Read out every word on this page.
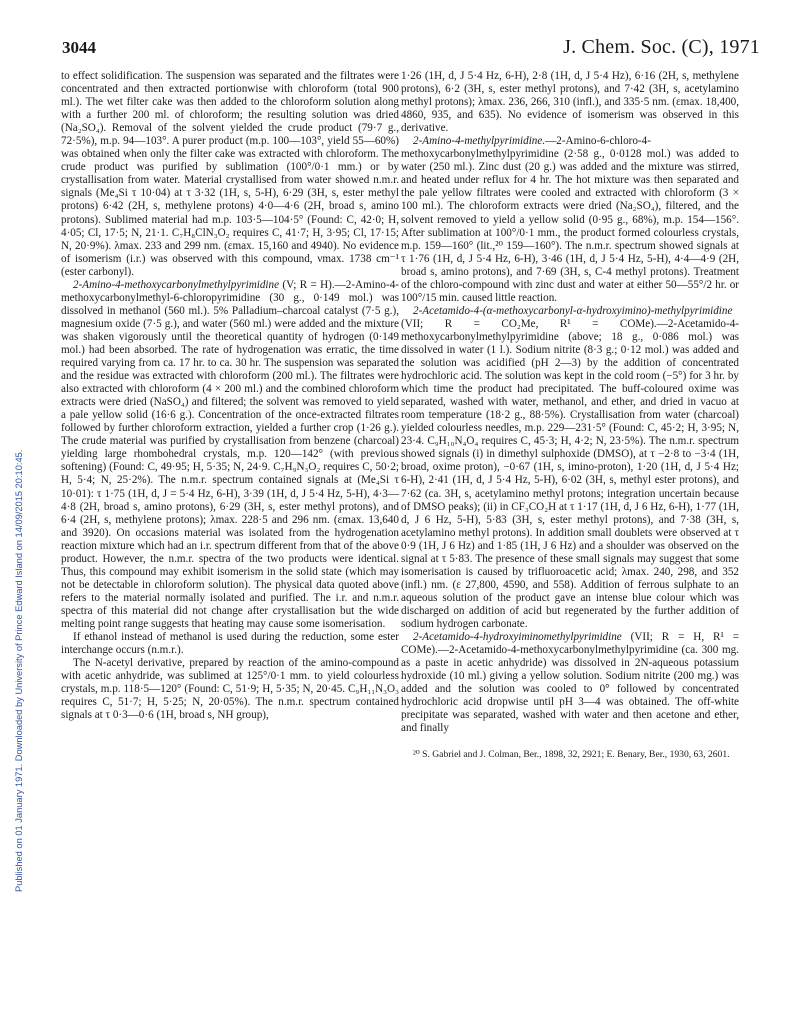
3044	J. Chem. Soc. (C), 1971
Published on 01 January 1971. Downloaded by University of Prince Edward Island on 14/09/2015 20:10:45.

to effect solidification. The suspension was separated and the filtrates were concentrated and then extracted portionwise with chloroform (total 900 ml.). The wet filter cake was then added to the chloroform solution along with a further 200 ml. of chloroform; the resulting solution was dried (Na₂SO₄). Removal of the solvent yielded the crude product (79·7 g., 72·5%), m.p. 94—103°. A purer product (m.p. 100—103°, yield 55—60%) was obtained when only the filter cake was extracted with chloroform. The crude product was purified by sublimation (100°/0·1 mm.) or by crystallisation from water. Material crystallised from water showed n.m.r. signals (Me₄Si τ 10·04) at τ 3·32 (1H, s, 5-H), 6·29 (3H, s, ester methyl protons) 6·42 (2H, s, methylene protons) 4·0—4·6 (2H, broad s, amino protons). Sublimed material had m.p. 103·5—104·5° (Found: C, 42·0; H, 4·05; Cl, 17·5; N, 21·1. C₇H₈ClN₃O₂ requires C, 41·7; H, 3·95; Cl, 17·15; N, 20·9%). λmax. 233 and 299 nm. (εmax. 15,160 and 4940). No evidence of isomerism (i.r.) was observed with this compound, νmax. 1738 cm⁻¹ (ester carbonyl).

2-Amino-4-methoxycarbonylmethylpyrimidine (V; R = H).—2-Amino-4-methoxycarbonylmethyl-6-chloropyrimidine (30 g., 0·149 mol.) was dissolved in methanol (560 ml.). 5% Palladium–charcoal catalyst (7·5 g.), magnesium oxide (7·5 g.), and water (560 ml.) were added and the mixture was shaken vigorously until the theoretical quantity of hydrogen (0·149 mol.) had been absorbed. The rate of hydrogenation was erratic, the time required varying from ca. 17 hr. to ca. 30 hr. The suspension was separated and the residue was extracted with chloroform (200 ml.). The filtrates were also extracted with chloroform (4 × 200 ml.) and the combined chloroform extracts were dried (NaSO₄) and filtered; the solvent was removed to yield a pale yellow solid (16·6 g.). Concentration of the once-extracted filtrates followed by further chloroform extraction, yielded a further crop (1·26 g.). The crude material was purified by crystallisation from benzene (charcoal) yielding large rhombohedral crystals, m.p. 120—142° (with previous softening) (Found: C, 49·95; H, 5·35; N, 24·9. C₇H₉N₃O₂ requires C, 50·2; H, 5·4; N, 25·2%). The n.m.r. spectrum contained signals at (Me₄Si τ 10·01): τ 1·75 (1H, d, J = 5·4 Hz, 6-H), 3·39 (1H, d, J 5·4 Hz, 5-H), 4·3—4·8 (2H, broad s, amino protons), 6·29 (3H, s, ester methyl protons), and 6·4 (2H, s, methylene protons); λmax. 228·5 and 296 nm. (εmax. 13,640 and 3920). On occasions material was isolated from the hydrogenation reaction mixture which had an i.r. spectrum different from that of the above product. However, the n.m.r. spectra of the two products were identical. Thus, this compound may exhibit isomerism in the solid state (which may not be detectable in chloroform solution). The physical data quoted above refers to the material normally isolated and purified. The i.r. and n.m.r. spectra of this material did not change after crystallisation but the wide melting point range suggests that heating may cause some isomerisation.

If ethanol instead of methanol is used during the reduction, some ester interchange occurs (n.m.r.).

The N-acetyl derivative, prepared by reaction of the amino-compound with acetic anhydride, was sublimed at 125°/0·1 mm. to yield colourless crystals, m.p. 118·5—120° (Found: C, 51·9; H, 5·35; N, 20·45. C₉H₁₁N₃O₃ requires C, 51·7; H, 5·25; N, 20·05%). The n.m.r. spectrum contained signals at τ 0·3—0·6 (1H, broad s, NH group),

1·26 (1H, d, J 5·4 Hz, 6-H), 2·8 (1H, d, J 5·4 Hz), 6·16 (2H, s, methylene protons), 6·2 (3H, s, ester methyl protons), and 7·42 (3H, s, acetylamino methyl protons); λmax. 236, 266, 310 (infl.), and 335·5 nm. (εmax. 18,400, 4860, 935, and 635). No evidence of isomerism was observed in this derivative.

2-Amino-4-methylpyrimidine.—2-Amino-6-chloro-4-methoxycarbonylmethylpyrimidine (2·58 g., 0·0128 mol.) was added to water (250 ml.). Zinc dust (20 g.) was added and the mixture was stirred, and heated under reflux for 4 hr. The hot mixture was then separated and the pale yellow filtrates were cooled and extracted with chloroform (3 × 100 ml.). The chloroform extracts were dried (Na₂SO₄), filtered, and the solvent removed to yield a yellow solid (0·95 g., 68%), m.p. 154—156°. After sublimation at 100°/0·1 mm., the product formed colourless crystals, m.p. 159—160° (lit.,²⁰ 159—160°). The n.m.r. spectrum showed signals at τ 1·76 (1H, d, J 5·4 Hz, 6-H), 3·46 (1H, d, J 5·4 Hz, 5-H), 4·4—4·9 (2H, broad s, amino protons), and 7·69 (3H, s, C-4 methyl protons). Treatment of the chloro-compound with zinc dust and water at either 50—55°/2 hr. or 100°/15 min. caused little reaction.

2-Acetamido-4-(α-methoxycarbonyl-α-hydroxyimino)-methylpyrimidine (VII; R = CO₂Me, R¹ = COMe).—2-Acetamido-4-methoxycarbonylmethylpyrimidine (above; 18 g., 0·086 mol.) was dissolved in water (1 l.). Sodium nitrite (8·3 g.; 0·12 mol.) was added and the solution was acidified (pH 2—3) by the addition of concentrated hydrochloric acid. The solution was kept in the cold room (−5°) for 3 hr. by which time the product had precipitated. The buff-coloured oxime was separated, washed with water, methanol, and ether, and dried in vacuo at room temperature (18·2 g., 88·5%). Crystallisation from water (charcoal) yielded colourless needles, m.p. 229—231·5° (Found: C, 45·2; H, 3·95; N, 23·4. C₉H₁₀N₄O₄ requires C, 45·3; H, 4·2; N, 23·5%). The n.m.r. spectrum showed signals (i) in dimethyl sulphoxide (DMSO), at τ −2·8 to −3·4 (1H, broad, oxime proton), −0·67 (1H, s, imino-proton), 1·20 (1H, d, J 5·4 Hz; 6-H), 2·41 (1H, d, J 5·4 Hz, 5-H), 6·02 (3H, s, methyl ester protons), and 7·62 (ca. 3H, s, acetylamino methyl protons; integration uncertain because of DMSO peaks); (ii) in CF₃CO₂H at τ 1·17 (1H, d, J 6 Hz, 6-H), 1·77 (1H, d, J 6 Hz, 5-H), 5·83 (3H, s, ester methyl protons), and 7·38 (3H, s, acetylamino methyl protons). In addition small doublets were observed at τ 0·9 (1H, J 6 Hz) and 1·85 (1H, J 6 Hz) and a shoulder was observed on the signal at τ 5·83. The presence of these small signals may suggest that some isomerisation is caused by trifluoroacetic acid; λmax. 240, 298, and 352 (infl.) nm. (ε 27,800, 4590, and 558). Addition of ferrous sulphate to an aqueous solution of the product gave an intense blue colour which was discharged on addition of acid but regenerated by the further addition of sodium hydrogen carbonate.

2-Acetamido-4-hydroxyiminomethylpyrimidine (VII; R = H, R¹ = COMe).—2-Acetamido-4-methoxycarbonylmethylpyrimidine (ca. 300 mg. as a paste in acetic anhydride) was dissolved in 2N-aqueous potassium hydroxide (10 ml.) giving a yellow solution. Sodium nitrite (200 mg.) was added and the solution was cooled to 0° followed by concentrated hydrochloric acid dropwise until pH 3—4 was obtained. The off-white precipitate was separated, washed with water and then acetone and ether, and finally

²⁰ S. Gabriel and J. Colman, Ber., 1898, 32, 2921; E. Benary, Ber., 1930, 63, 2601.
